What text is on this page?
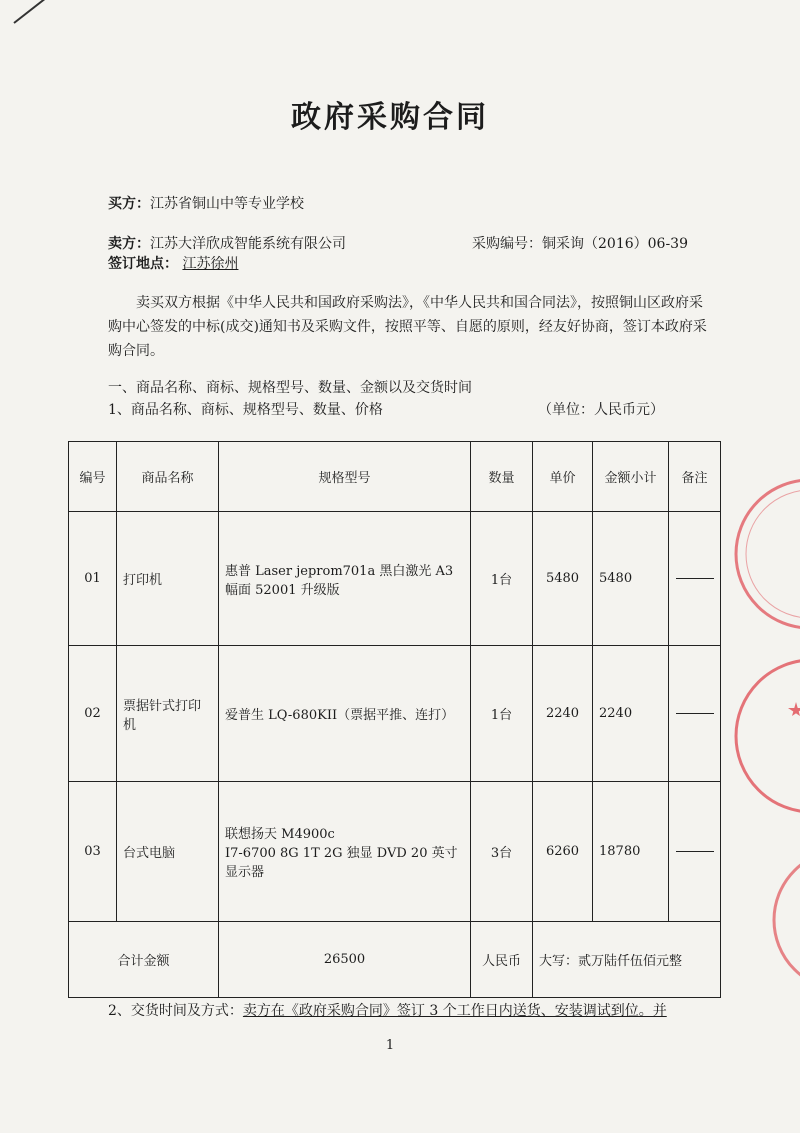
政府采购合同
买方：江苏省铜山中等专业学校
卖方：江苏大洋欣成智能系统有限公司	采购编号：铜采询（2016）06-39
签订地点： 江苏徐州
卖买双方根据《中华人民共和国政府采购法》，《中华人民共和国合同法》，按照铜山区政府采购中心签发的中标(成交)通知书及采购文件，按照平等、自愿的原则，经友好协商，签订本政府采购合同。
一、商品名称、商标、规格型号、数量、金额以及交货时间
1、商品名称、商标、规格型号、数量、价格	（单位：人民币元）
编号	商品名称	规格型号	数量	单价	金额小计	备注
01	打印机	惠普 Laser jeprom701a 黑白激光 A3 幅面 52001 升级版	1台	5480	5480	
02	票据针式打印机	爱普生 LQ-680KII（票据平推、连打）	1台	2240	2240	
03	台式电脑	联想扬天 M4900c
I7-6700 8G 1T 2G 独显 DVD 20 英寸显示器	3台	6260	18780	
合计金额		26500	人民币	大写：贰万陆仟伍佰元整		
2、交货时间及方式：卖方在《政府采购合同》签订 3 个工作日内送货、安装调试到位。并
1
